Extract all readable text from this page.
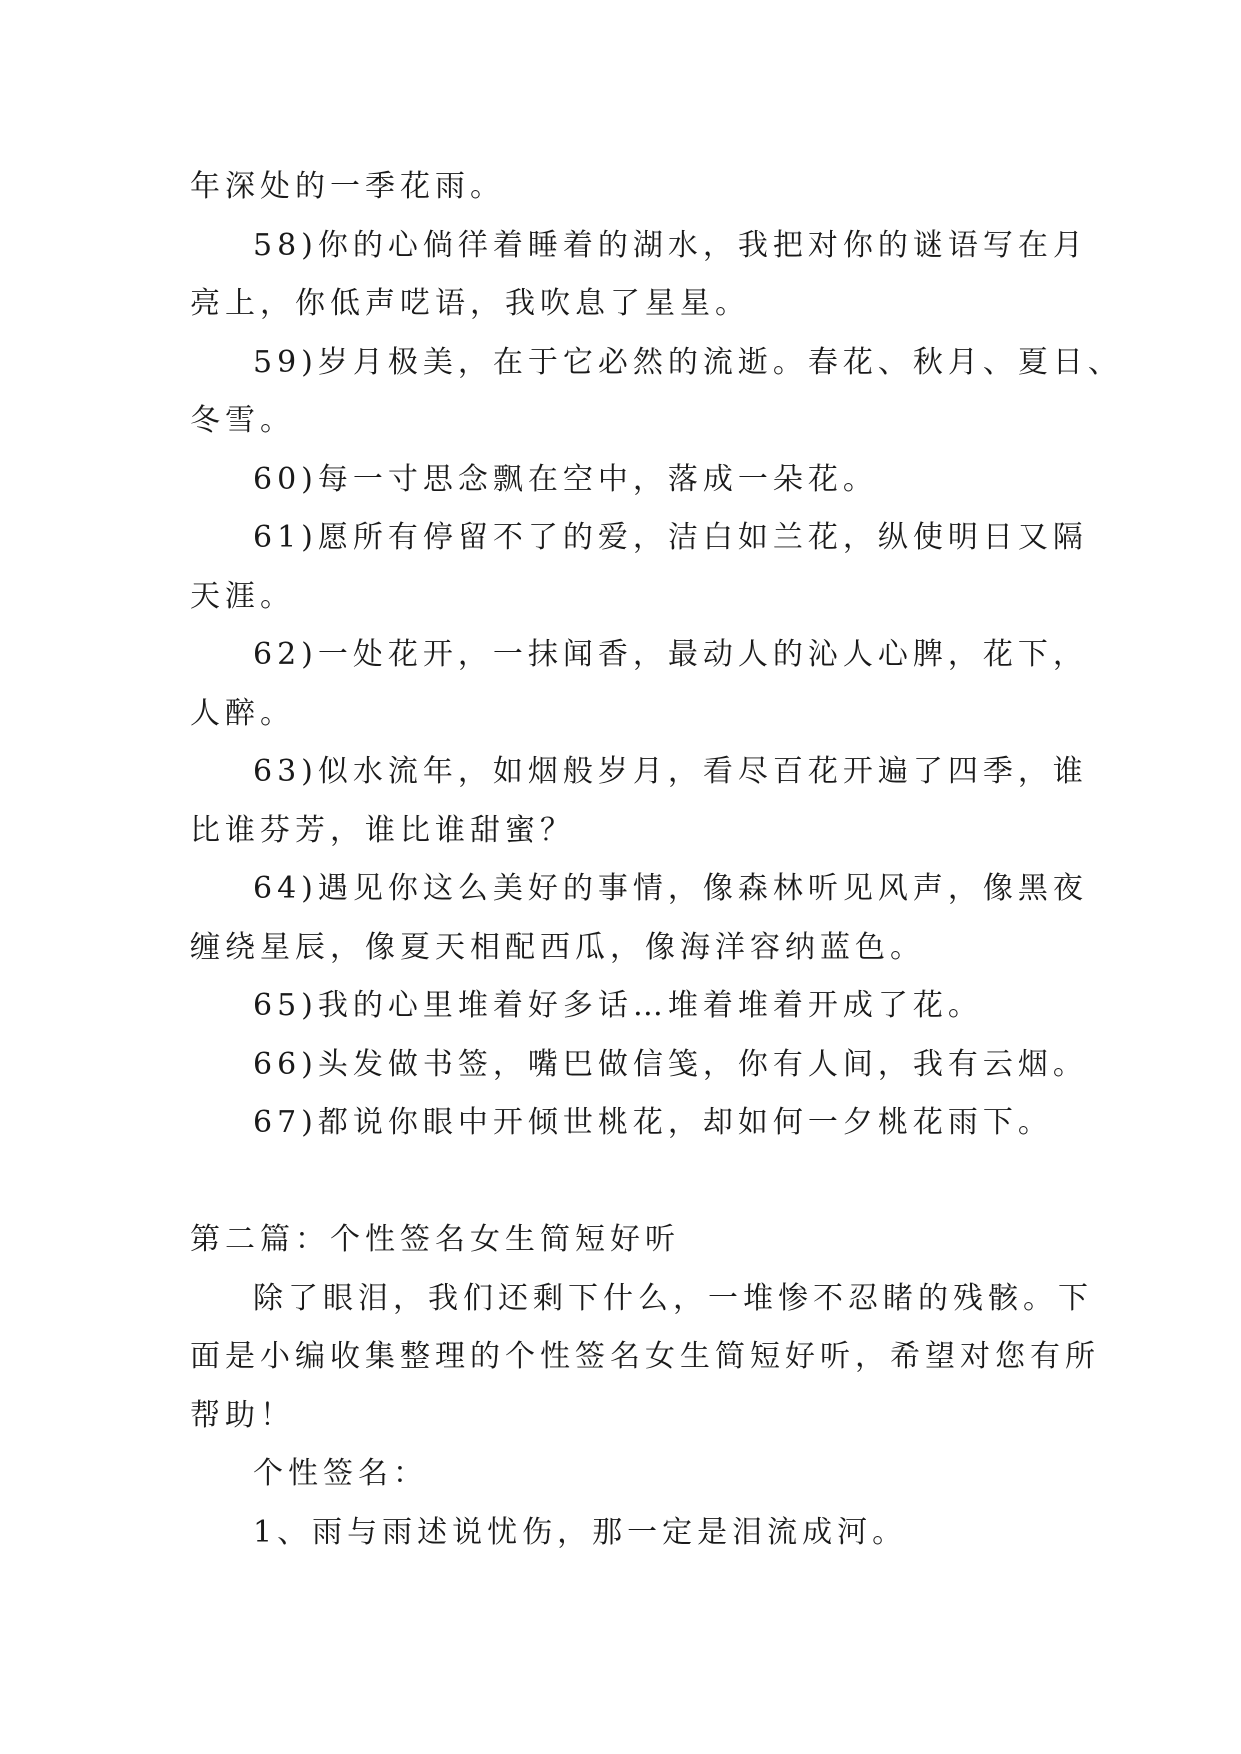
年深处的一季花雨。
58)你的心倘徉着睡着的湖水，我把对你的谜语写在月
亮上，你低声呓语，我吹息了星星。
59)岁月极美，在于它必然的流逝。春花、秋月、夏日、
冬雪。
60)每一寸思念飘在空中，落成一朵花。
61)愿所有停留不了的爱，洁白如兰花，纵使明日又隔
天涯。
62)一处花开，一抹闻香，最动人的沁人心脾，花下，
人醉。
63)似水流年，如烟般岁月，看尽百花开遍了四季，谁
比谁芬芳，谁比谁甜蜜？
64)遇见你这么美好的事情，像森林听见风声，像黑夜
缠绕星辰，像夏天相配西瓜，像海洋容纳蓝色。
65)我的心里堆着好多话…堆着堆着开成了花。
66)头发做书签，嘴巴做信笺，你有人间，我有云烟。
67)都说你眼中开倾世桃花，却如何一夕桃花雨下。
第二篇：个性签名女生简短好听
除了眼泪，我们还剩下什么，一堆惨不忍睹的残骸。下
面是小编收集整理的个性签名女生简短好听，希望对您有所
帮助！
个性签名：
1、雨与雨述说忧伤，那一定是泪流成河。
